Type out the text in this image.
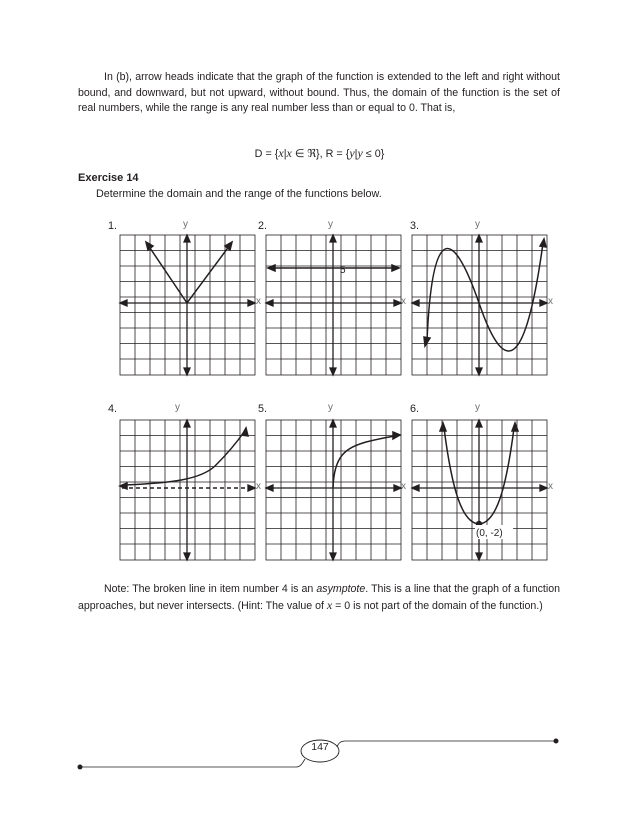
In (b), arrow heads indicate that the graph of the function is extended to the left and right without bound, and downward, but not upward, without bound. Thus, the domain of the function is the set of real numbers, while the range is any real number less than or equal to 0. That is,
D = {x|x ∈ ℜ}, R = {y|y ≤ 0}
Exercise 14
Determine the domain and the range of the functions below.
1.	2.	3.
4.	5.	6.
y	y	y
y	y	y
x	x	x
x	x	x
5
(0, -2)
Note: The broken line in item number 4 is an asymptote. This is a line that the graph of a function approaches, but never intersects. (Hint: The value of x = 0 is not part of the domain of the function.)
147
